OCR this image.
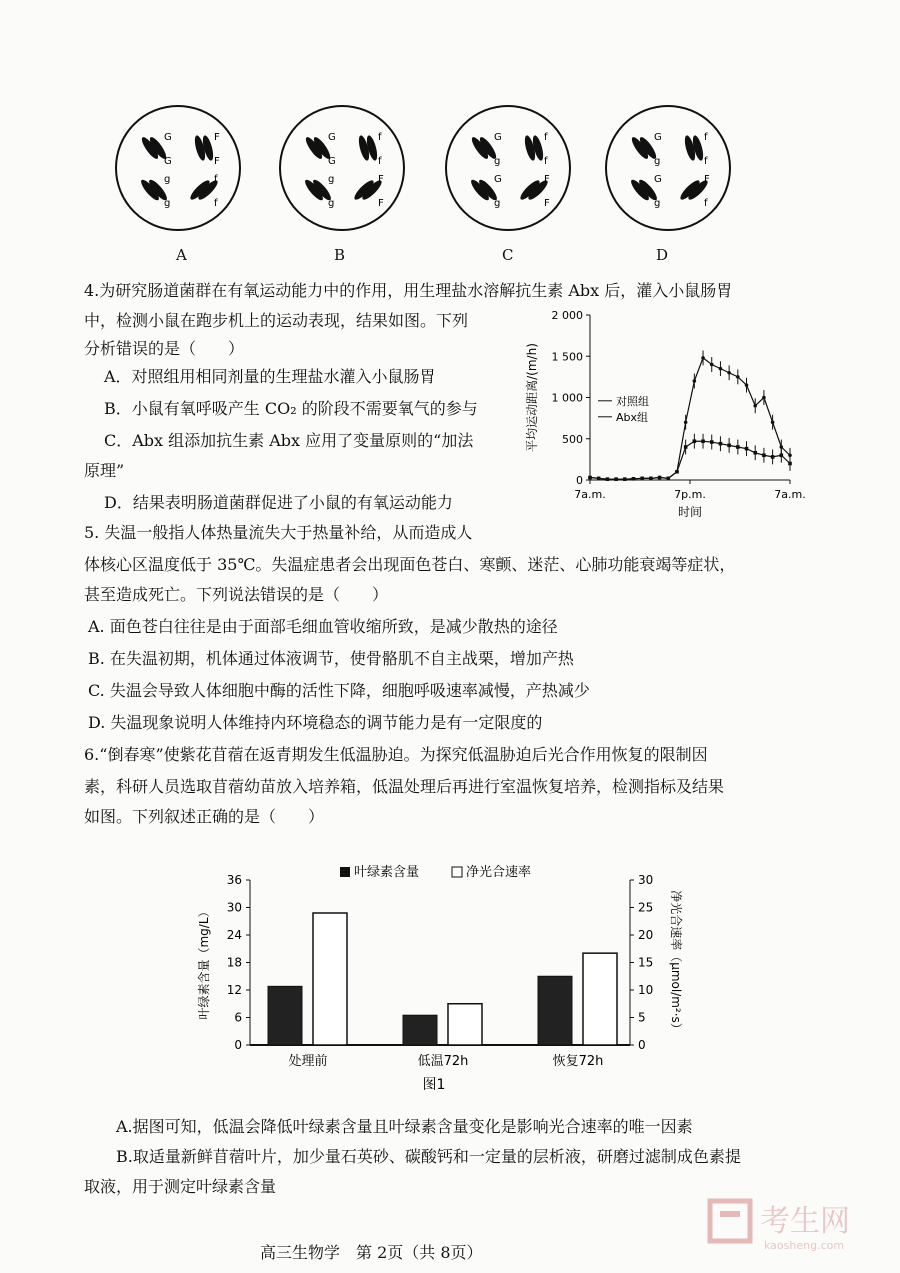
G
G
F
F
g
g
f
f
G
G
f
f
g
g
F
F
G
g
f
f
G
g
F
F
G
g
f
f
G
g
F
f
A	B	C	D
4.为研究肠道菌群在有氧运动能力中的作用，用生理盐水溶解抗生素 Abx 后，灌入小鼠肠胃
中，检测小鼠在跑步机上的运动表现，结果如图。下列
分析错误的是（　　）
A．对照组用相同剂量的生理盐水灌入小鼠肠胃
B．小鼠有氧呼吸产生 CO₂ 的阶段不需要氧气的参与
C．Abx 组添加抗生素 Abx 应用了变量原则的“加法
原理”
D．结果表明肠道菌群促进了小鼠的有氧运动能力
0
500
1 000
1 500
2 000
7a.m.	7p.m.	7a.m.
时间
平均运动距离/(m/h)	对照组
Abx组
5. 失温一般指人体热量流失大于热量补给，从而造成人
体核心区温度低于 35℃。失温症患者会出现面色苍白、寒颤、迷茫、心肺功能衰竭等症状，
甚至造成死亡。下列说法错误的是（　　）
A. 面色苍白往往是由于面部毛细血管收缩所致，是减少散热的途径
B. 在失温初期，机体通过体液调节，使骨骼肌不自主战栗，增加产热
C. 失温会导致人体细胞中酶的活性下降，细胞呼吸速率减慢，产热减少
D. 失温现象说明人体维持内环境稳态的调节能力是有一定限度的
6.“倒春寒”使紫花苜蓿在返青期发生低温胁迫。为探究低温胁迫后光合作用恢复的限制因
素，科研人员选取苜蓿幼苗放入培养箱，低温处理后再进行室温恢复培养，检测指标及结果
如图。下列叙述正确的是（　　）
0
6
12
18
24
30
36
0
5
10
15
20
25
30
叶绿素含量（mg/L）	净光合速率（μmol/m²·s）
处理前	低温72h	恢复72h
叶绿素含量	净光合速率
图1
A.据图可知，低温会降低叶绿素含量且叶绿素含量变化是影响光合速率的唯一因素
B.取适量新鲜苜蓿叶片，加少量石英砂、碳酸钙和一定量的层析液，研磨过滤制成色素提
取液，用于测定叶绿素含量
高三生物学　第 2页（共 8页）
考生网
kaosheng.com
